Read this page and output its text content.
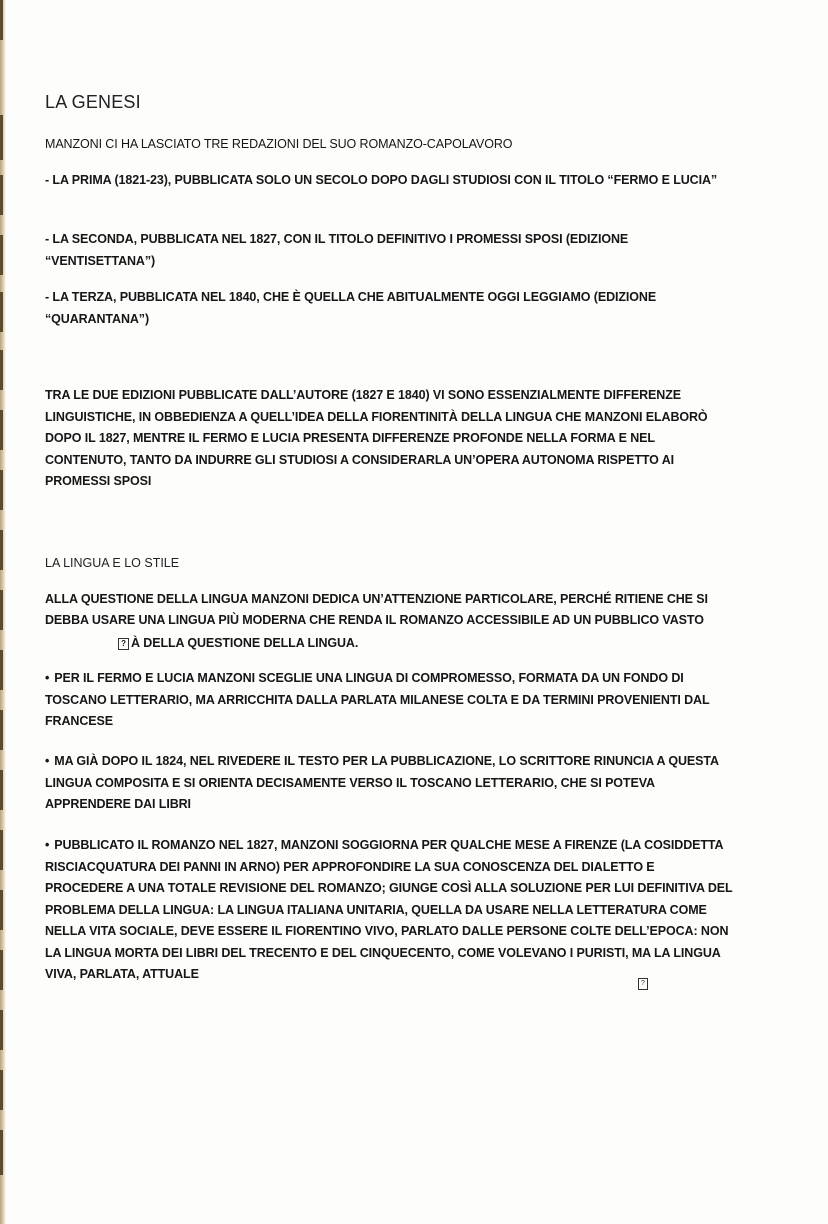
LA GENESI

MANZONI CI HA LASCIATO TRE REDAZIONI DEL SUO ROMANZO-CAPOLAVORO

- LA PRIMA (1821-23), PUBBLICATA SOLO UN SECOLO DOPO DAGLI STUDIOSI CON IL TITOLO “FERMO E LUCIA”

- LA SECONDA, PUBBLICATA NEL 1827, CON IL TITOLO DEFINITIVO I PROMESSI SPOSI (EDIZIONE “VENTISETTANA”)

- LA TERZA, PUBBLICATA NEL 1840, CHE È QUELLA CHE ABITUALMENTE OGGI LEGGIAMO (EDIZIONE “QUARANTANA”)

TRA LE DUE EDIZIONI PUBBLICATE DALL’AUTORE (1827 E 1840) VI SONO ESSENZIALMENTE DIFFERENZE LINGUISTICHE, IN OBBEDIENZA A QUELL’IDEA DELLA FIORENTINITÀ DELLA LINGUA CHE MANZONI ELABORÒ DOPO IL 1827, MENTRE IL FERMO E LUCIA PRESENTA DIFFERENZE PROFONDE NELLA FORMA E NEL CONTENUTO, TANTO DA INDURRE GLI STUDIOSI A CONSIDERARLA UN’OPERA AUTONOMA RISPETTO AI PROMESSI SPOSI

LA LINGUA E LO STILE

ALLA QUESTIONE DELLA LINGUA MANZONI DEDICA UN’ATTENZIONE PARTICOLARE, PERCHÉ RITIENE CHE SI

DEBBA USARE UNA LINGUA PIÙ MODERNA CHE RENDA IL ROMANZO ACCESSIBILE AD UN PUBBLICO VASTO

? À DELLA QUESTIONE DELLA LINGUA.

• PER IL FERMO E LUCIA MANZONI SCEGLIE UNA LINGUA DI COMPROMESSO, FORMATA DA UN FONDO DI TOSCANO LETTERARIO, MA ARRICCHITA DALLA PARLATA MILANESE COLTA E DA TERMINI PROVENIENTI DAL FRANCESE

• MA GIÀ DOPO IL 1824, NEL RIVEDERE IL TESTO PER LA PUBBLICAZIONE, LO SCRITTORE RINUNCIA A QUESTA LINGUA COMPOSITA E SI ORIENTA DECISAMENTE VERSO IL TOSCANO LETTERARIO, CHE SI POTEVA APPRENDERE DAI LIBRI

• PUBBLICATO IL ROMANZO NEL 1827, MANZONI SOGGIORNA PER QUALCHE MESE A FIRENZE (LA COSIDDETTA RISCIACQUATURA DEI PANNI IN ARNO) PER APPROFONDIRE LA SUA CONOSCENZA DEL DIALETTO E PROCEDERE A UNA TOTALE REVISIONE DEL ROMANZO; GIUNGE COSÌ ALLA SOLUZIONE PER LUI DEFINITIVA DEL PROBLEMA DELLA LINGUA: LA LINGUA ITALIANA UNITARIA, QUELLA DA USARE NELLA LETTERATURA COME NELLA VITA SOCIALE, DEVE ESSERE IL FIORENTINO VIVO, PARLATO DALLE PERSONE COLTE DELL’EPOCA: NON LA LINGUA MORTA DEI LIBRI DEL TRECENTO E DEL CINQUECENTO, COME VOLEVANO I PURISTI, MA LA LINGUA VIVA, PARLATA, ATTUALE

?
